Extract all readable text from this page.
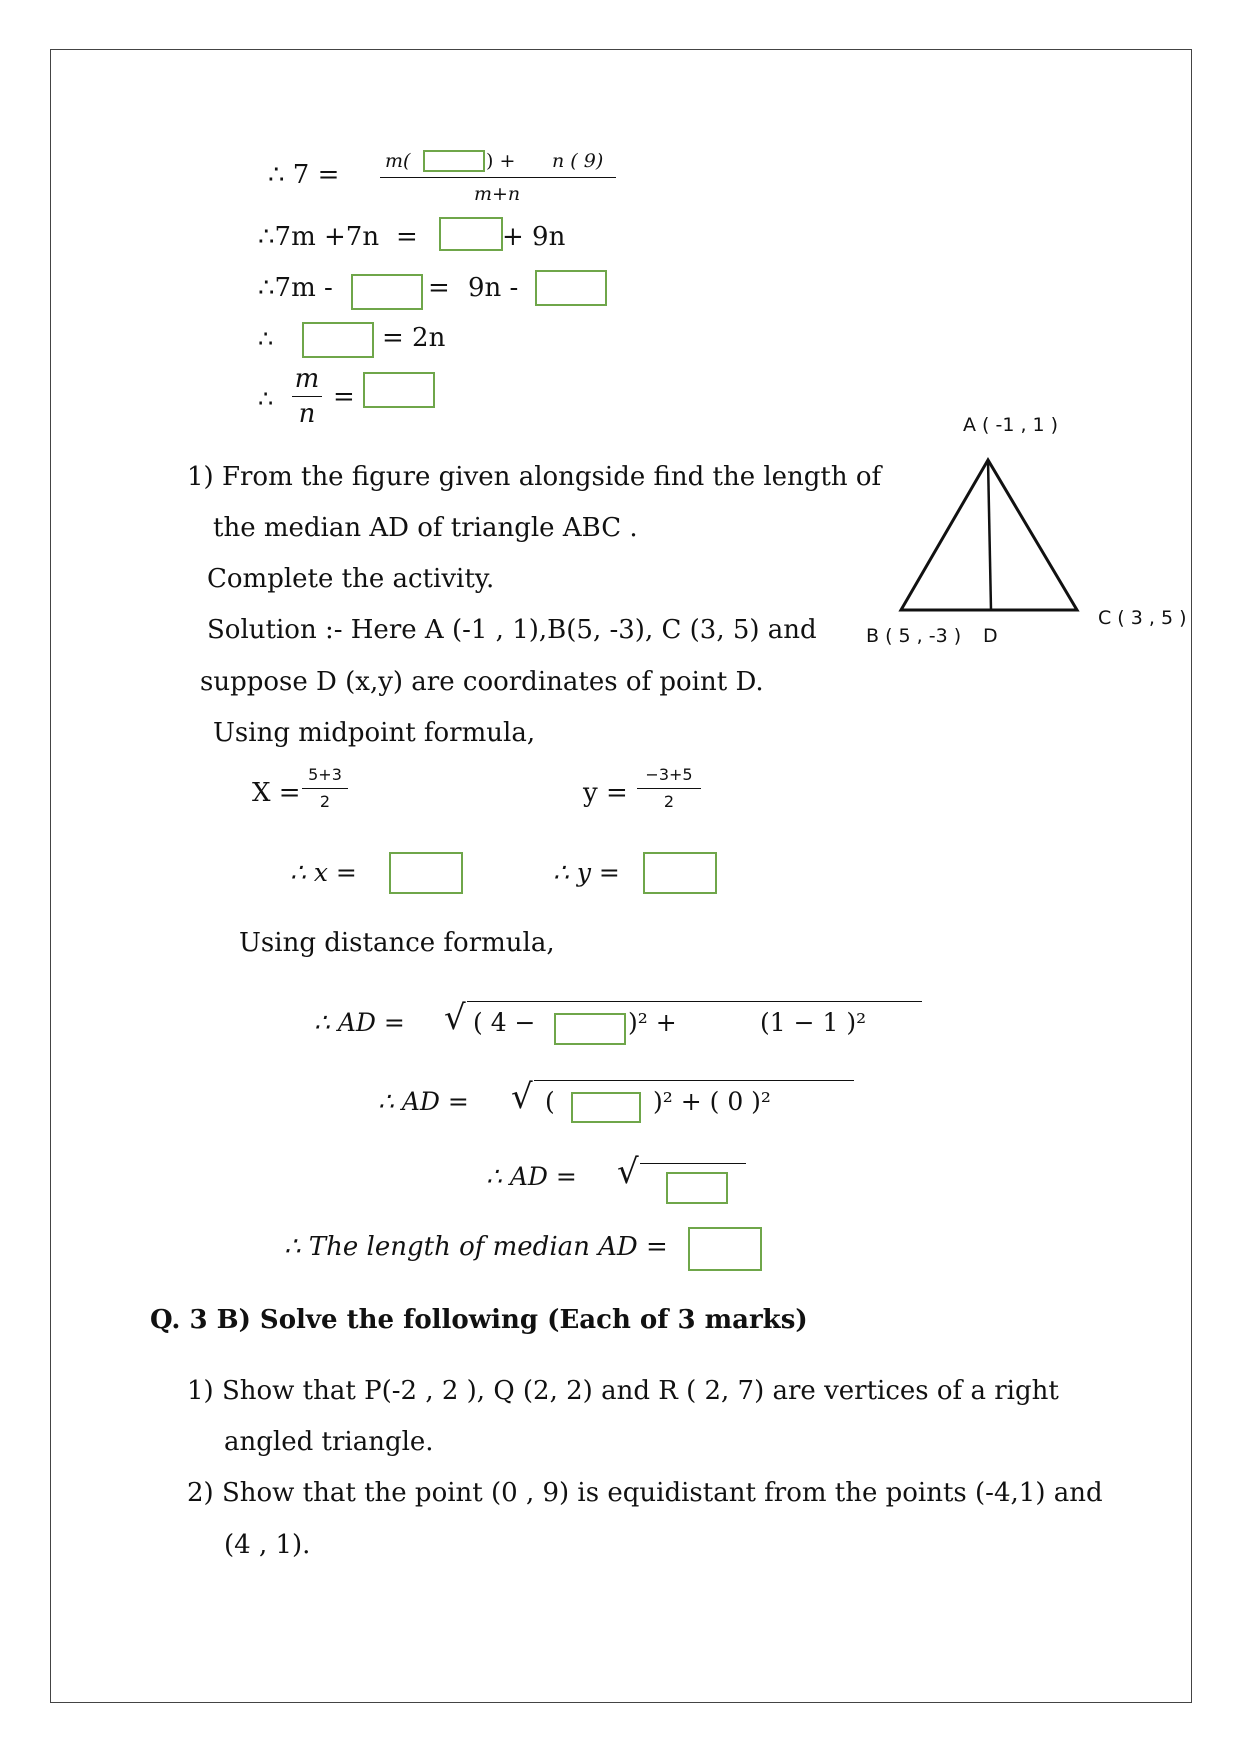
∴ 7 = m(	) + n ( 9)
m+n
∴7m +7n =	+ 9n
∴7m -	= 9n -
∴	= 2n
∴
m
n
=
A ( -1 , 1 )
B ( 5 , -3 ) D
C ( 3 , 5 )
1) From the figure given alongside find the length of
the median AD of triangle ABC .
Complete the activity.
Solution :- Here A (-1 , 1),B(5, -3), C (3, 5) and
suppose D (x,y) are coordinates of point D.
Using midpoint formula,
X =
5+3
2	y =
−3+5
2
∴ x =	∴ y =
Using distance formula,
∴ AD = √ ( 4 −	)² +	(1 − 1 )²
∴ AD = √ (	)² + ( 0 )²
∴ AD = √
∴ The length of median AD =
Q. 3 B) Solve the following (Each of 3 marks)
1) Show that P(-2 , 2 ), Q (2, 2) and R ( 2, 7) are vertices of a right
angled triangle.
2) Show that the point (0 , 9) is equidistant from the points (-4,1) and
(4 , 1).
